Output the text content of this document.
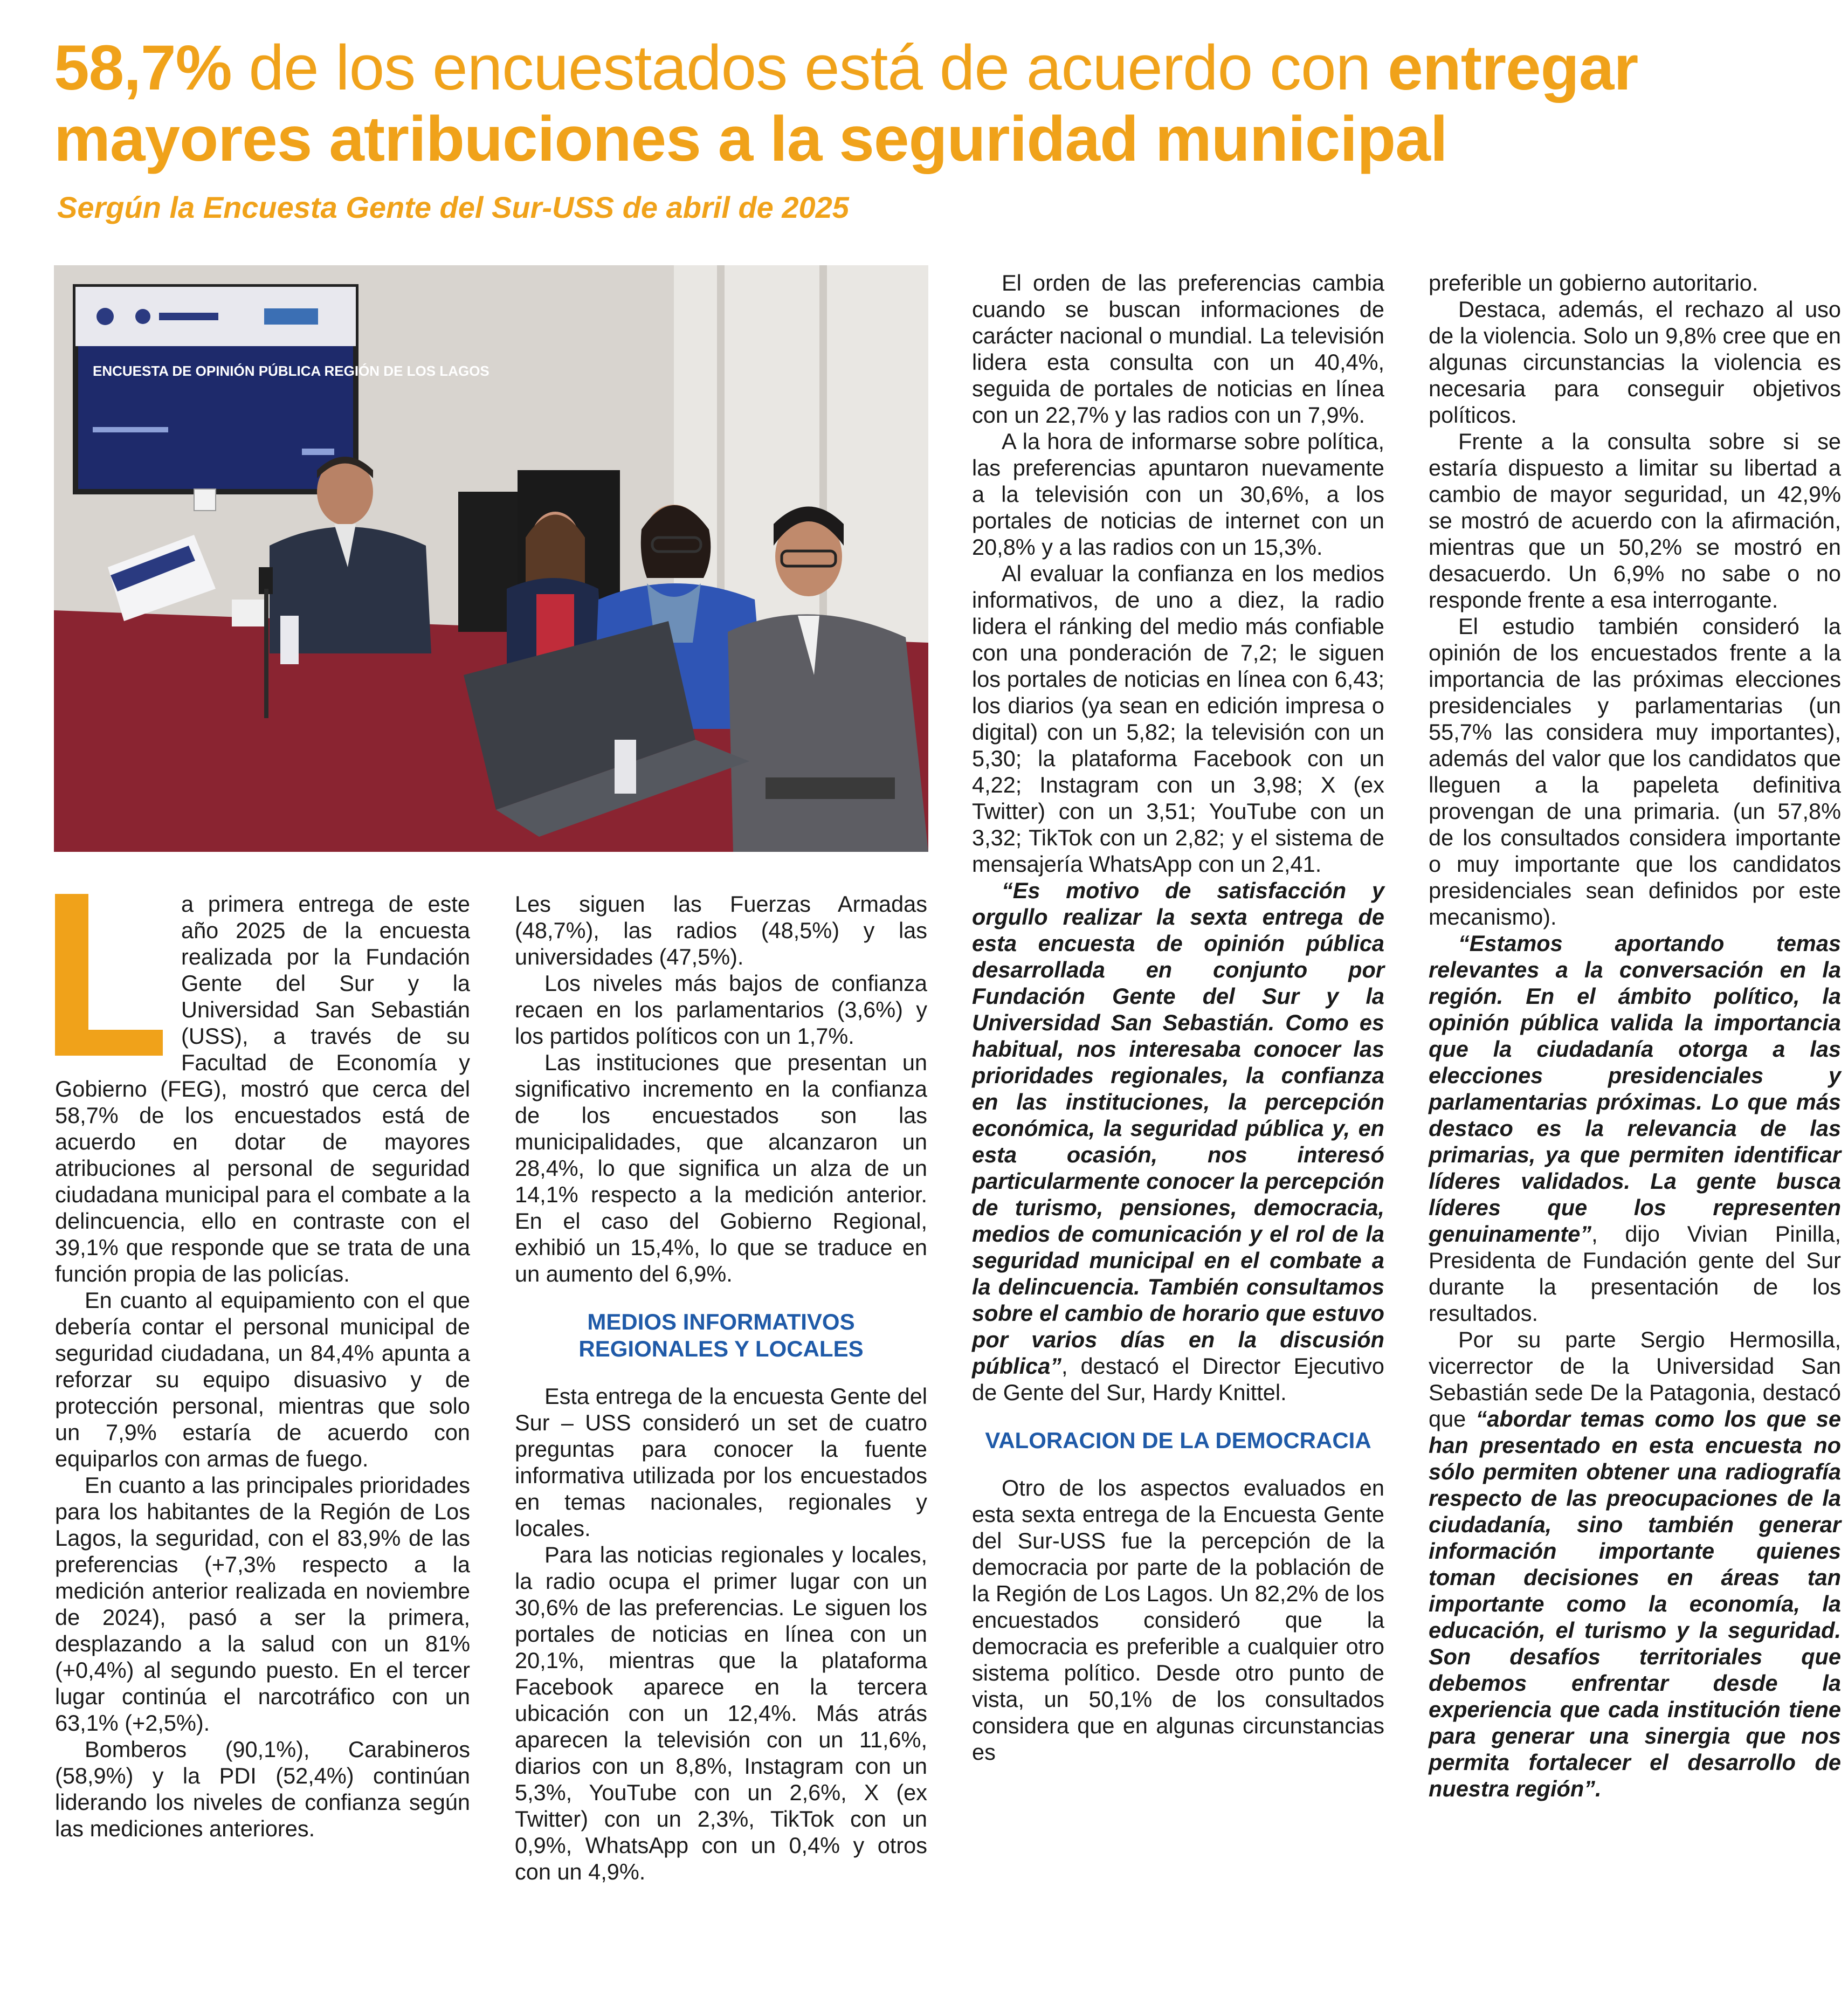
58,7% de los encuestados está de acuerdo con entregar mayores atribuciones a la seguridad municipal
Sergún la Encuesta Gente del Sur-USS de abril de 2025
ENCUESTA DE OPINIÓN PÚBLICA REGIÓN DE LOS LAGOS

a primera entrega de este año 2025 de la encuesta realizada por la Fundación Gente del Sur y la Universidad San Sebastián (USS), a través de su Facultad de Economía y Gobierno (FEG), mostró que cerca del 58,7% de los encuestados está de acuerdo en dotar de mayores atribuciones al personal de seguridad ciudadana municipal para el combate a la delincuencia, ello en contraste con el 39,1% que responde que se trata de una función propia de las policías.

En cuanto al equipamiento con el que debería contar el personal municipal de seguridad ciudadana, un 84,4% apunta a reforzar su equipo disuasivo y de protección personal, mientras que solo un 7,9% estaría de acuerdo con equiparlos con armas de fuego.

En cuanto a las principales prioridades para los habitantes de la Región de Los Lagos, la seguridad, con el 83,9% de las preferencias (+7,3% respecto a la medición anterior realizada en noviembre de 2024), pasó a ser la primera, desplazando a la salud con un 81% (+0,4%) al segundo puesto. En el tercer lugar continúa el narcotráfico con un 63,1% (+2,5%).

Bomberos (90,1%), Carabineros (58,9%) y la PDI (52,4%) continúan liderando los niveles de confianza según las mediciones anteriores.

Les siguen las Fuerzas Armadas (48,7%), las radios (48,5%) y las universidades (47,5%).

Los niveles más bajos de confianza recaen en los parlamentarios (3,6%) y los partidos políticos con un 1,7%.

Las instituciones que presentan un significativo incremento en la confianza de los encuestados son las municipalidades, que alcanzaron un 28,4%, lo que significa un alza de un 14,1% respecto a la medición anterior. En el caso del Gobierno Regional, exhibió un 15,4%, lo que se traduce en un aumento del 6,9%.

MEDIOS INFORMATIVOS REGIONALES Y LOCALES

Esta entrega de la encuesta Gente del Sur – USS consideró un set de cuatro preguntas para conocer la fuente informativa utilizada por los encuestados en temas nacionales, regionales y locales.

Para las noticias regionales y locales, la radio ocupa el primer lugar con un 30,6% de las preferencias. Le siguen los portales de noticias en línea con un 20,1%, mientras que la plataforma Facebook aparece en la tercera ubicación con un 12,4%. Más atrás aparecen la televisión con un 11,6%, diarios con un 8,8%, Instagram con un 5,3%, YouTube con un 2,6%, X (ex Twitter) con un 2,3%, TikTok con un 0,9%, WhatsApp con un 0,4% y otros con un 4,9%.

El orden de las preferencias cambia cuando se buscan informaciones de carácter nacional o mundial. La televisión lidera esta consulta con un 40,4%, seguida de portales de noticias en línea con un 22,7% y las radios con un 7,9%.

A la hora de informarse sobre política, las preferencias apuntaron nuevamente a la televisión con un 30,6%, a los portales de noticias de internet con un 20,8% y a las radios con un 15,3%.

Al evaluar la confianza en los medios informativos, de uno a diez, la radio lidera el ránking del medio más confiable con una ponderación de 7,2; le siguen los portales de noticias en línea con 6,43; los diarios (ya sean en edición impresa o digital) con un 5,82; la televisión con un 5,30; la plataforma Facebook con un 4,22; Instagram con un 3,98; X (ex Twitter) con un 3,51; YouTube con un 3,32; TikTok con un 2,82; y el sistema de mensajería WhatsApp con un 2,41.

“Es motivo de satisfacción y orgullo realizar la sexta entrega de esta encuesta de opinión pública desarrollada en conjunto por Fundación Gente del Sur y la Universidad San Sebastián. Como es habitual, nos interesaba conocer las prioridades regionales, la confianza en las instituciones, la percepción económica, la seguridad pública y, en esta ocasión, nos interesó particularmente conocer la percepción de turismo, pensiones, democracia, medios de comunicación y el rol de la seguridad municipal en el combate a la delincuencia. También consultamos sobre el cambio de horario que estuvo por varios días en la discusión pública”, destacó el Director Ejecutivo de Gente del Sur, Hardy Knittel.

VALORACION DE LA DEMOCRACIA

Otro de los aspectos evaluados en esta sexta entrega de la Encuesta Gente del Sur-USS fue la percepción de la democracia por parte de la población de la Región de Los Lagos. Un 82,2% de los encuestados consideró que la democracia es preferible a cualquier otro sistema político. Desde otro punto de vista, un 50,1% de los consultados considera que en algunas circunstancias es

preferible un gobierno autoritario.

Destaca, además, el rechazo al uso de la violencia. Solo un 9,8% cree que en algunas circunstancias la violencia es necesaria para conseguir objetivos políticos.

Frente a la consulta sobre si se estaría dispuesto a limitar su libertad a cambio de mayor seguridad, un 42,9% se mostró de acuerdo con la afirmación, mientras que un 50,2% se mostró en desacuerdo. Un 6,9% no sabe o no responde frente a esa interrogante.

El estudio también consideró la opinión de los encuestados frente a la importancia de las próximas elecciones presidenciales y parlamentarias (un 55,7% las considera muy importantes), además del valor que los candidatos que lleguen a la papeleta definitiva provengan de una primaria. (un 57,8% de los consultados considera importante o muy importante que los candidatos presidenciales sean definidos por este mecanismo).

“Estamos aportando temas relevantes a la conversación en la región. En el ámbito político, la opinión pública valida la importancia que la ciudadanía otorga a las elecciones presidenciales y parlamentarias próximas. Lo que más destaco es la relevancia de las primarias, ya que permiten identificar líderes validados. La gente busca líderes que los representen genuinamente”, dijo Vivian Pinilla, Presidenta de Fundación gente del Sur durante la presentación de los resultados.

Por su parte Sergio Hermosilla, vicerrector de la Universidad San Sebastián sede De la Patagonia, destacó que “abordar temas como los que se han presentado en esta encuesta no sólo permiten obtener una radiografía respecto de las preocupaciones de la ciudadanía, sino también generar información importante quienes toman decisiones en áreas tan importante como la economía, la educación, el turismo y la seguridad. Son desafíos territoriales que debemos enfrentar desde la experiencia que cada institución tiene para generar una sinergia que nos permita fortalecer el desarrollo de nuestra región”.
